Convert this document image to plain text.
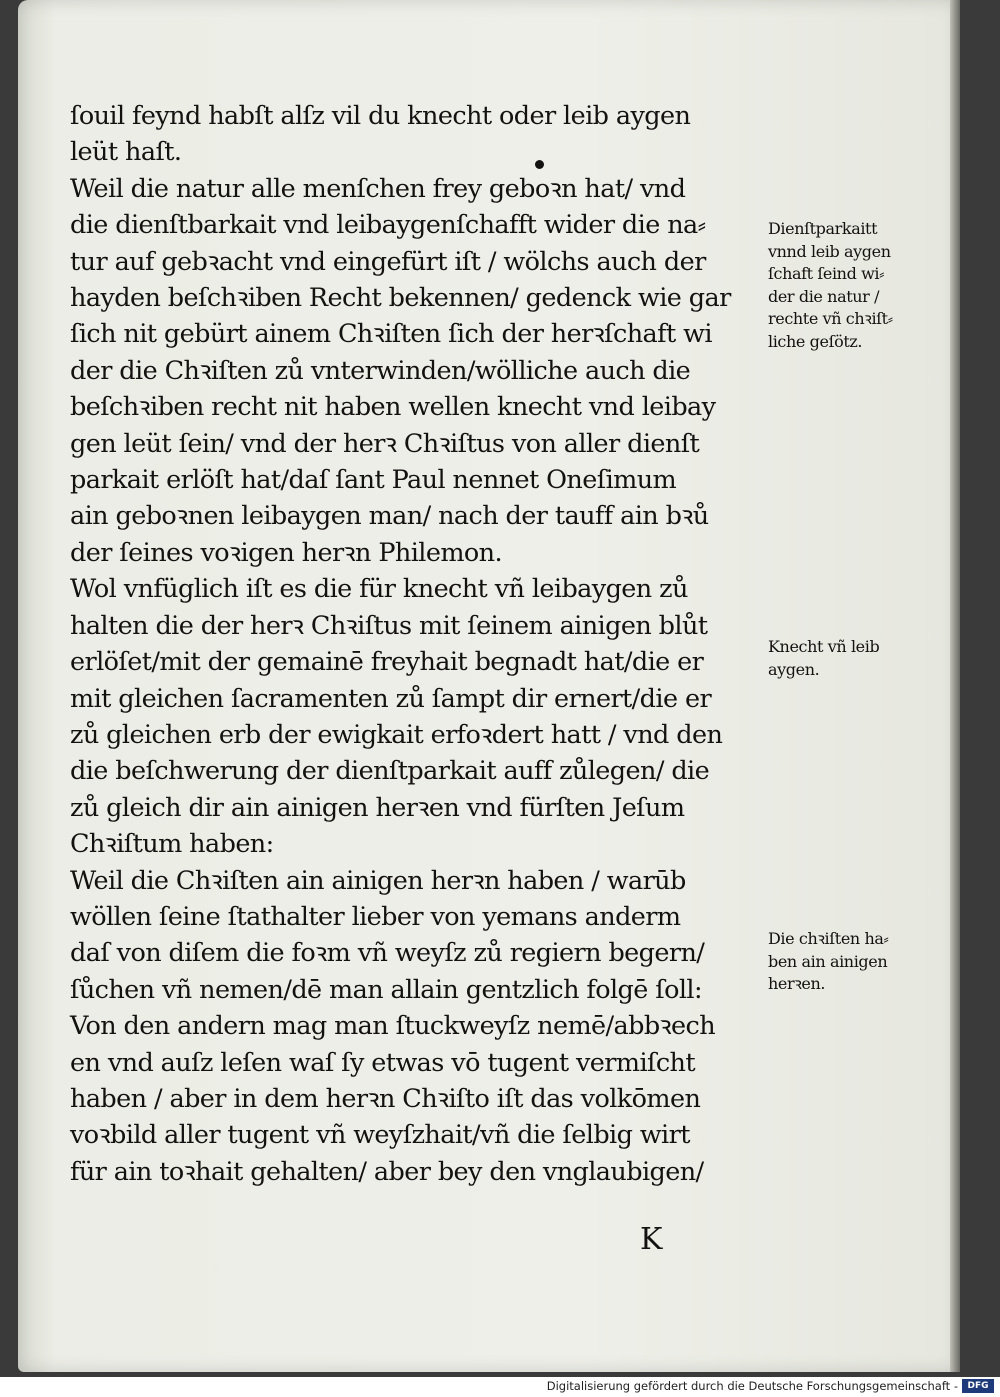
ſouil feynd habſt alſz vil du knecht oder leib aygen
leüt haſt.
Weil die natur alle menſchen frey geboꝛn hat/ vnd
die dienſtbarkait vnd leibaygenſchafft wider die na⸗
tur auf gebꝛacht vnd eingefürt iſt / wölchs auch der
hayden beſchꝛiben Recht bekennen/ gedenck wie gar
ſich nit gebürt ainem Chꝛiſten ſich der herꝛſchaft wi
der die Chꝛiſten zů vnterwinden/wölliche auch die
beſchꝛiben recht nit haben wellen knecht vnd leibay
gen leüt ſein/ vnd der herꝛ Chꝛiſtus von aller dienſt
parkait erlöſt hat/daſ ſant Paul nennet Oneſimum
ain geboꝛnen leibaygen man/ nach der tauff ain bꝛů
der ſeines voꝛigen herꝛn Philemon.
Wol vnfüglich iſt es die für knecht vñ leibaygen zů
halten die der herꝛ Chꝛiſtus mit ſeinem ainigen blůt
erlöſet/mit der gemainē freyhait begnadt hat/die er
mit gleichen ſacramenten zů ſampt dir ernert/die er
zů gleichen erb der ewigkait erfoꝛdert hatt / vnd den
die beſchwerung der dienſtparkait auff zůlegen/ die
zů gleich dir ain ainigen herꝛen vnd fürſten Jeſum
Chꝛiſtum haben:
Weil die Chꝛiſten ain ainigen herꝛn haben / warūb
wöllen ſeine ſtathalter lieber von yemans anderm
daſ von diſem die foꝛm vñ weyſz zů regiern begern/
ſůchen vñ nemen/dē man allain gentzlich folgē ſoll:
Von den andern mag man ſtuckweyſz nemē/abbꝛech
en vnd auſz leſen waſ ſy etwas vō tugent vermiſcht
haben / aber in dem herꝛn Chꝛiſto iſt das volkōmen
voꝛbild aller tugent vñ weyſzhait/vñ die ſelbig wirt
für ain toꝛhait gehalten/ aber bey den vnglaubigen/
Dienſtparkaitt
vnnd leib aygen
ſchaft ſeind wi⸗
der die natur /
rechte vñ chꝛiſt⸗
liche geſötz.
Knecht vñ leib
aygen.
Die chꝛiſten ha⸗
ben ain ainigen
herꝛen.
K
Digitalisierung gefördert durch die Deutsche Forschungsgemeinschaft -	DFG
